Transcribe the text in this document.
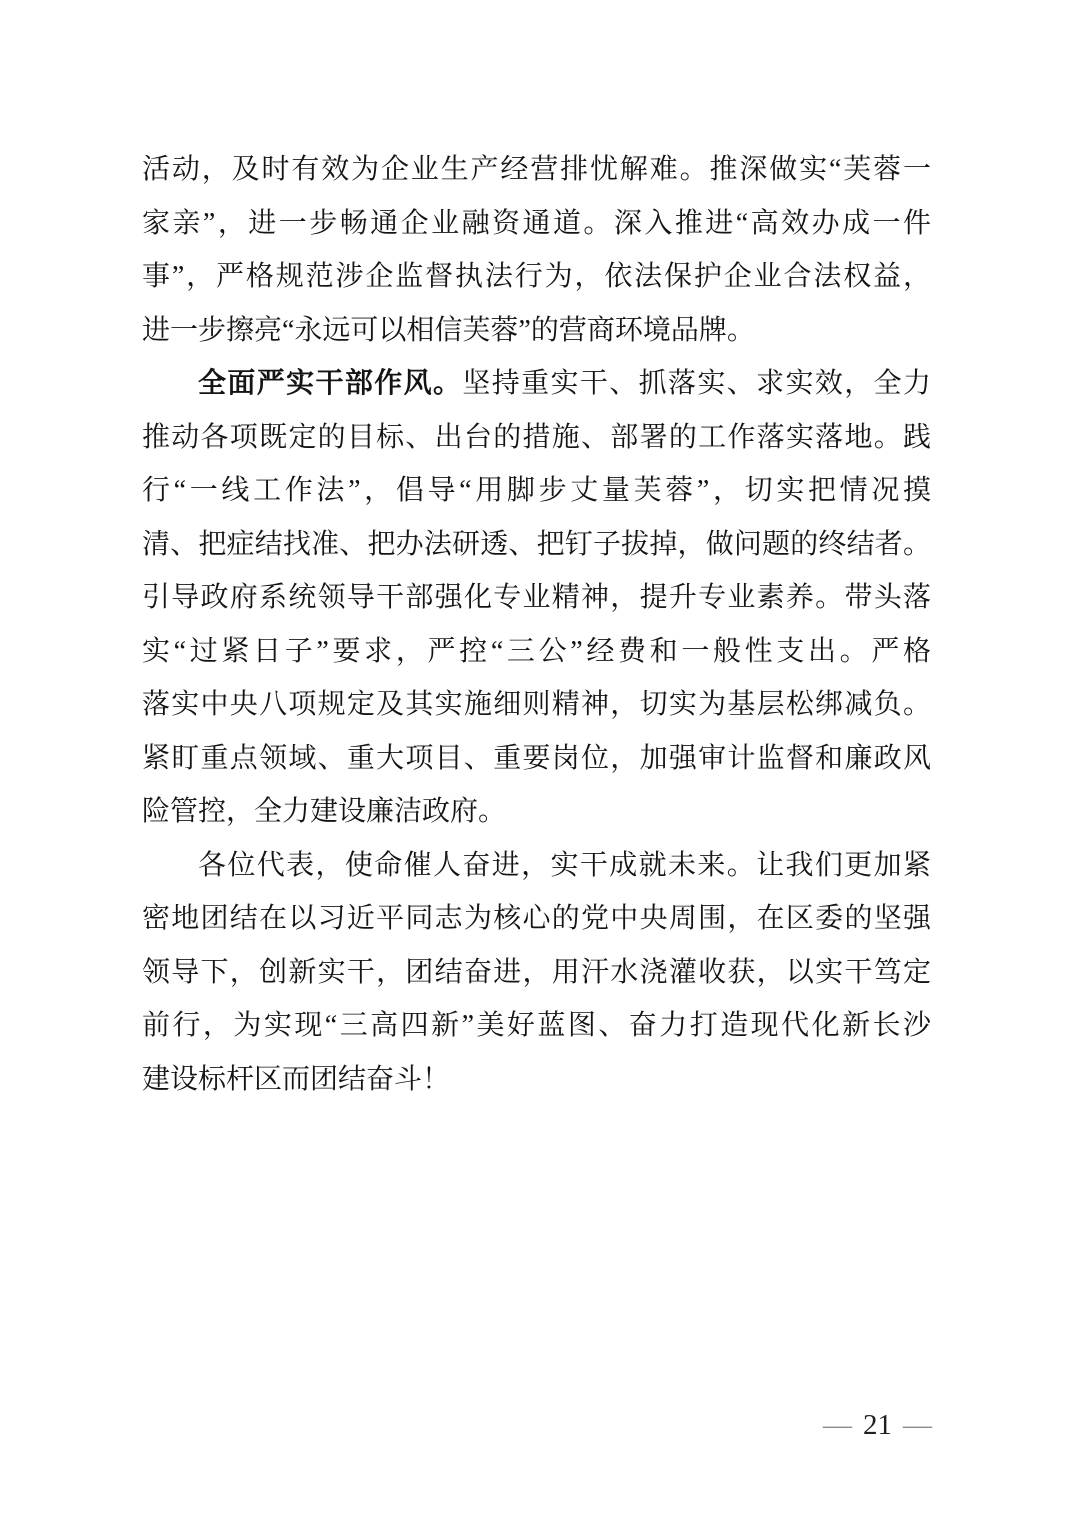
活动，及时有效为企业生产经营排忧解难。推深做实“芙蓉一
家亲”，进一步畅通企业融资通道。深入推进“高效办成一件
事”，严格规范涉企监督执法行为，依法保护企业合法权益，
进一步擦亮“永远可以相信芙蓉”的营商环境品牌。
全面严实干部作风。坚持重实干、抓落实、求实效，全力
推动各项既定的目标、出台的措施、部署的工作落实落地。践
行“一线工作法”，倡导“用脚步丈量芙蓉”，切实把情况摸
清、把症结找准、把办法研透、把钉子拔掉，做问题的终结者。
引导政府系统领导干部强化专业精神，提升专业素养。带头落
实“过紧日子”要求，严控“三公”经费和一般性支出。严格
落实中央八项规定及其实施细则精神，切实为基层松绑减负。
紧盯重点领域、重大项目、重要岗位，加强审计监督和廉政风
险管控，全力建设廉洁政府。
各位代表，使命催人奋进，实干成就未来。让我们更加紧
密地团结在以习近平同志为核心的党中央周围，在区委的坚强
领导下，创新实干，团结奋进，用汗水浇灌收获，以实干笃定
前行，为实现“三高四新”美好蓝图、奋力打造现代化新长沙
建设标杆区而团结奋斗！
— 21 —
